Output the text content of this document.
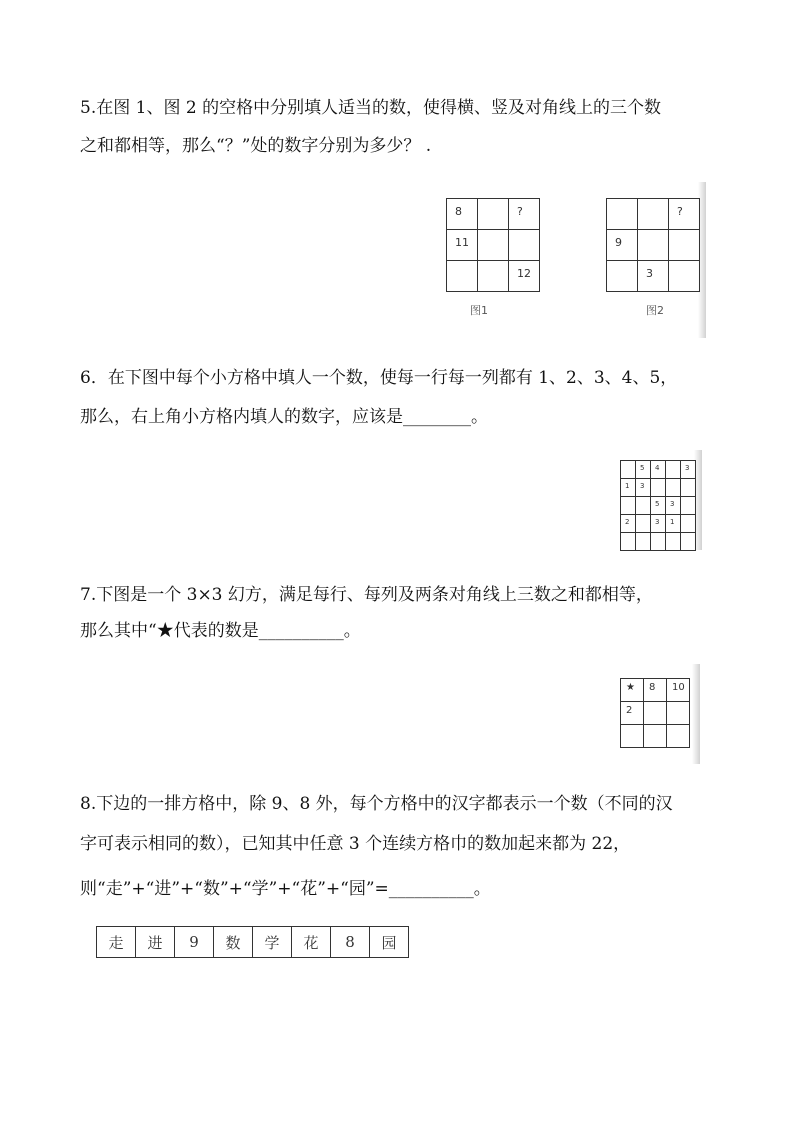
5.在图 1、图 2 的空格中分别填人适当的数，使得横、竖及对角线上的三个数
之和都相等，那么“？”处的数字分别为多少？ .
8		?
11		
		12
图1
		?
9		
	3	
图2
6．在下图中每个小方格中填人一个数，使每一行每一列都有 1、2、3、4、5，
那么，右上角小方格内填人的数字，应该是________。
	5	4		3
1	3			
		5	3	
2		3	1	

7.下图是一个 3×3 幻方，满足每行、每列及两条对角线上三数之和都相等，
那么其中“★代表的数是__________。
★	8	10
2		

8.下边的一排方格中，除 9、8 外，每个方格中的汉字都表示一个数（不同的汉
字可表示相同的数），已知其中任意 3 个连续方格巾的数加起来都为 22，
则“走”+“进”+“数”+“学”+“花”+“园”=__________。
走	进	9	数	学	花	8	园
